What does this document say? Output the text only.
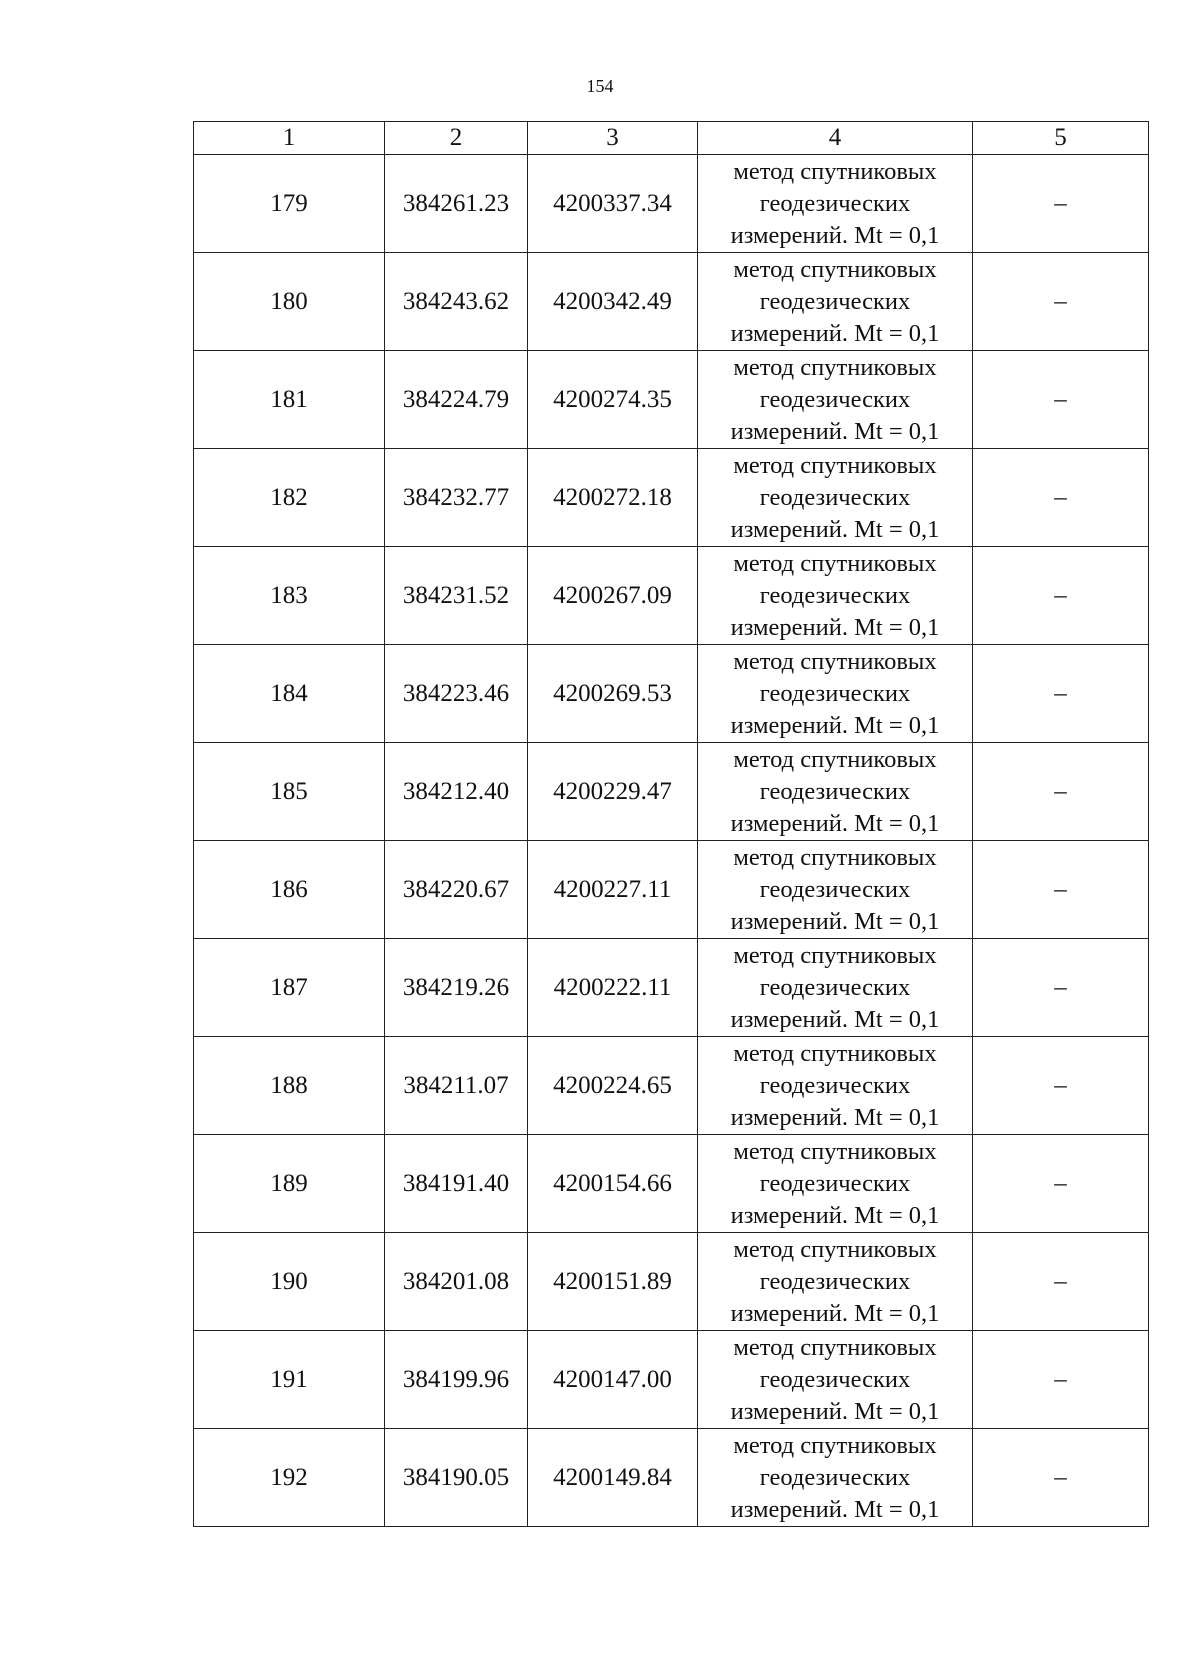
154
1	2	3	4	5
179	384261.23	4200337.34	метод спутниковых
геодезических
измерений. Mt = 0,1	–
180	384243.62	4200342.49	метод спутниковых
геодезических
измерений. Mt = 0,1	–
181	384224.79	4200274.35	метод спутниковых
геодезических
измерений. Mt = 0,1	–
182	384232.77	4200272.18	метод спутниковых
геодезических
измерений. Mt = 0,1	–
183	384231.52	4200267.09	метод спутниковых
геодезических
измерений. Mt = 0,1	–
184	384223.46	4200269.53	метод спутниковых
геодезических
измерений. Mt = 0,1	–
185	384212.40	4200229.47	метод спутниковых
геодезических
измерений. Mt = 0,1	–
186	384220.67	4200227.11	метод спутниковых
геодезических
измерений. Mt = 0,1	–
187	384219.26	4200222.11	метод спутниковых
геодезических
измерений. Mt = 0,1	–
188	384211.07	4200224.65	метод спутниковых
геодезических
измерений. Mt = 0,1	–
189	384191.40	4200154.66	метод спутниковых
геодезических
измерений. Mt = 0,1	–
190	384201.08	4200151.89	метод спутниковых
геодезических
измерений. Mt = 0,1	–
191	384199.96	4200147.00	метод спутниковых
геодезических
измерений. Mt = 0,1	–
192	384190.05	4200149.84	метод спутниковых
геодезических
измерений. Mt = 0,1	–
